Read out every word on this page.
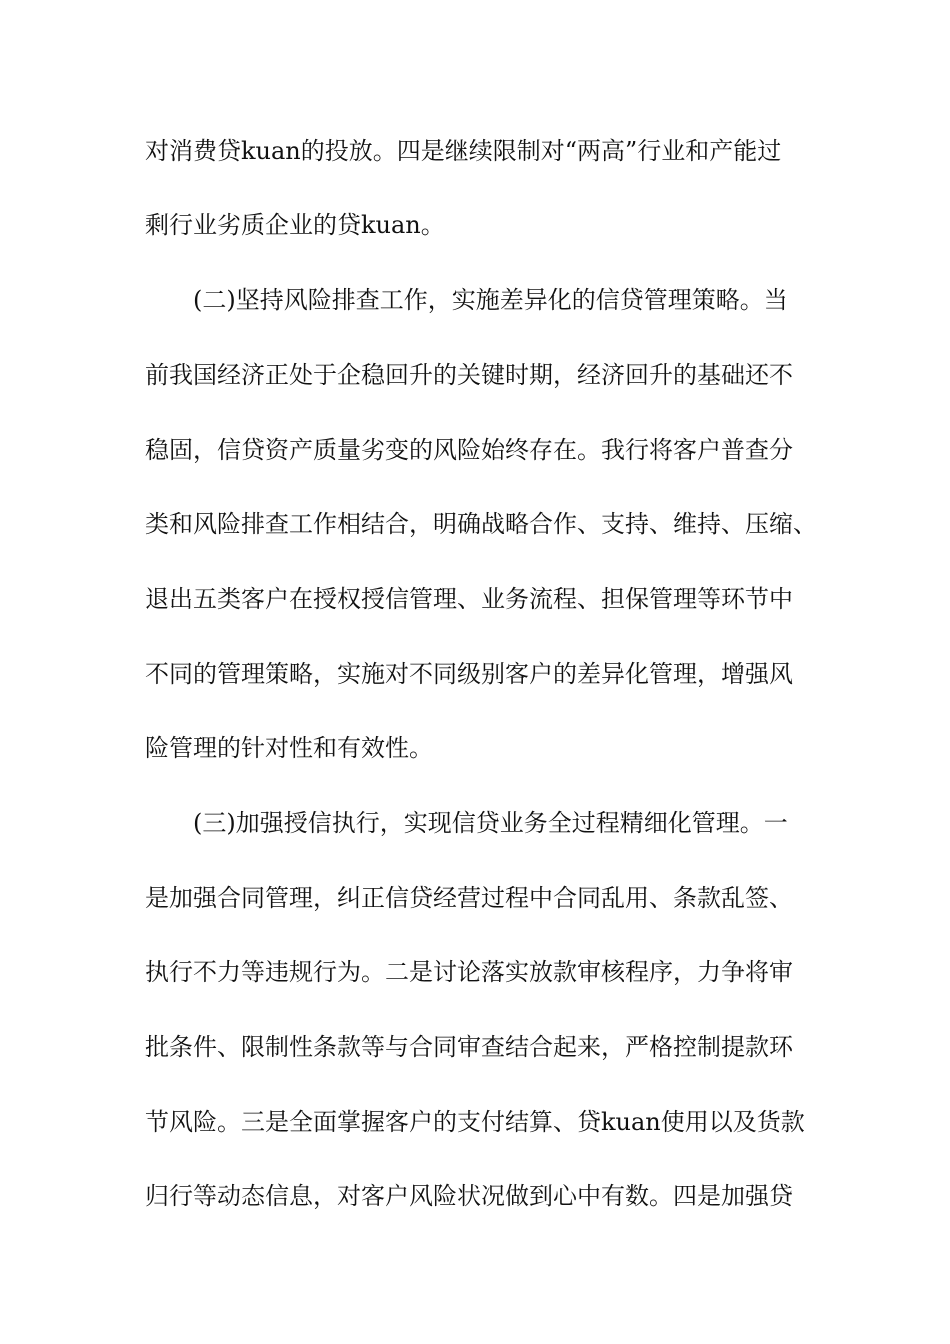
对消费贷kuan的投放。四是继续限制对“两高”行业和产能过
剩行业劣质企业的贷kuan。
(二)坚持风险排查工作，实施差异化的信贷管理策略。当
前我国经济正处于企稳回升的关键时期，经济回升的基础还不
稳固，信贷资产质量劣变的风险始终存在。我行将客户普查分
类和风险排查工作相结合，明确战略合作、支持、维持、压缩、
退出五类客户在授权授信管理、业务流程、担保管理等环节中
不同的管理策略，实施对不同级别客户的差异化管理，增强风
险管理的针对性和有效性。
(三)加强授信执行，实现信贷业务全过程精细化管理。一
是加强合同管理，纠正信贷经营过程中合同乱用、条款乱签、
执行不力等违规行为。二是讨论落实放款审核程序，力争将审
批条件、限制性条款等与合同审查结合起来，严格控制提款环
节风险。三是全面掌握客户的支付结算、贷kuan使用以及货款
归行等动态信息，对客户风险状况做到心中有数。四是加强贷
